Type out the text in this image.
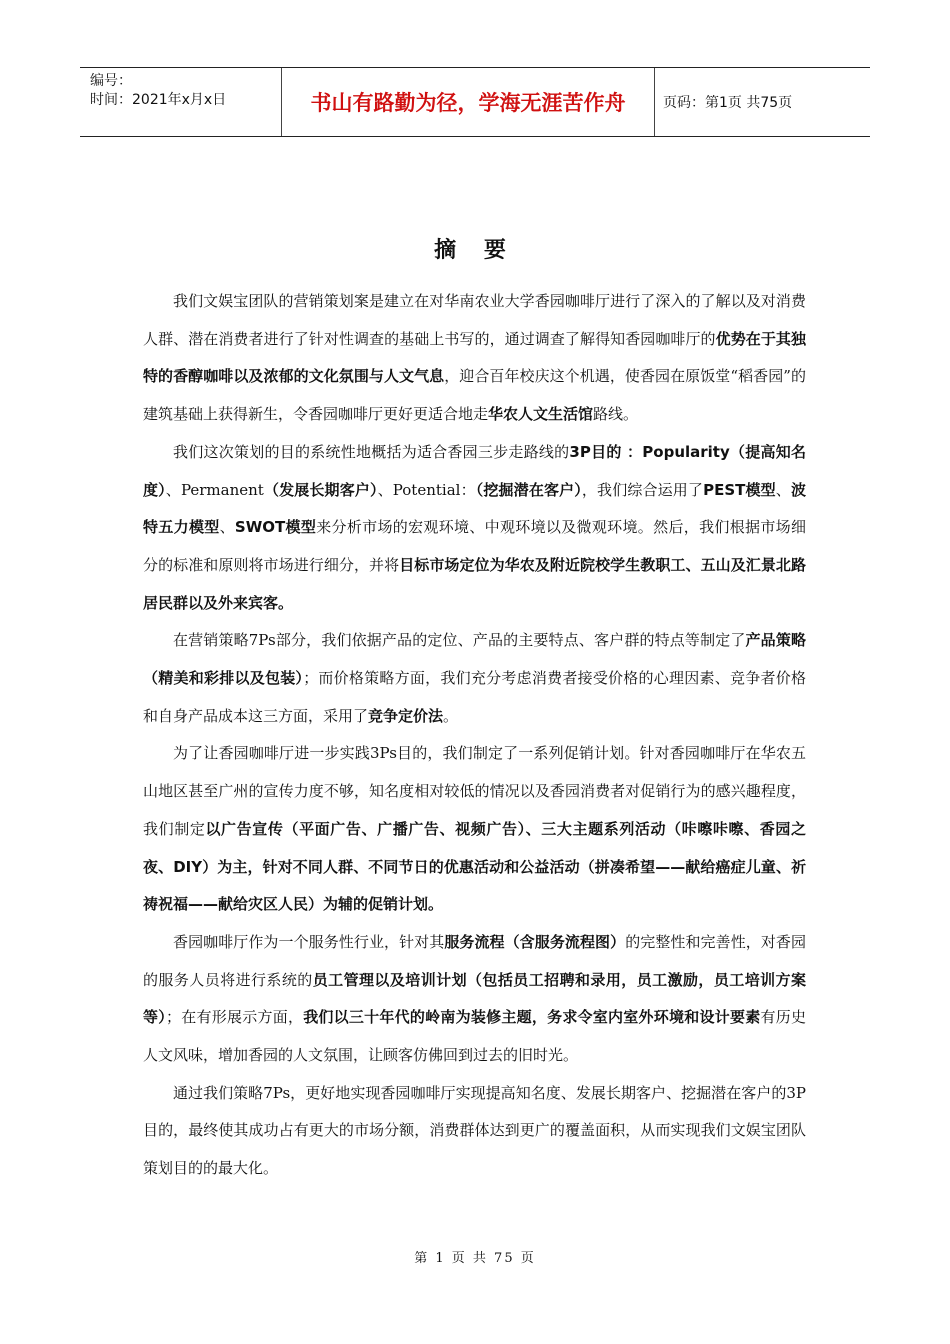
编号：
时间：2021年x月x日	书山有路勤为径，学海无涯苦作舟	页码：第1页 共75页
摘 要

我们文娱宝团队的营销策划案是建立在对华南农业大学香园咖啡厅进行了深入的了解以及对消费人群、潜在消费者进行了针对性调查的基础上书写的，通过调查了解得知香园咖啡厅的优势在于其独特的香醇咖啡以及浓郁的文化氛围与人文气息，迎合百年校庆这个机遇，使香园在原饭堂“稻香园”的建筑基础上获得新生，令香园咖啡厅更好更适合地走华农人文生活馆路线。

我们这次策划的目的系统性地概括为适合香园三步走路线的3P目的 ：Popularity（提高知名度）、Permanent（发展长期客户）、Potential：（挖掘潜在客户），我们综合运用了PEST模型、波特五力模型、SWOT模型来分析市场的宏观环境、中观环境以及微观环境。然后，我们根据市场细分的标准和原则将市场进行细分，并将目标市场定位为华农及附近院校学生教职工、五山及汇景北路居民群以及外来宾客。

在营销策略7Ps部分，我们依据产品的定位、产品的主要特点、客户群的特点等制定了产品策略（精美和彩排以及包装）；而价格策略方面，我们充分考虑消费者接受价格的心理因素、竞争者价格和自身产品成本这三方面，采用了竞争定价法。

为了让香园咖啡厅进一步实践3Ps目的，我们制定了一系列促销计划。针对香园咖啡厅在华农五山地区甚至广州的宣传力度不够，知名度相对较低的情况以及香园消费者对促销行为的感兴趣程度，我们制定以广告宣传（平面广告、广播广告、视频广告）、三大主题系列活动（咔嚓咔嚓、香园之夜、DIY）为主，针对不同人群、不同节日的优惠活动和公益活动（拼凑希望——献给癌症儿童、祈祷祝福——献给灾区人民）为辅的促销计划。

香园咖啡厅作为一个服务性行业，针对其服务流程（含服务流程图）的完整性和完善性，对香园的服务人员将进行系统的员工管理以及培训计划（包括员工招聘和录用，员工激励，员工培训方案等）；在有形展示方面，我们以三十年代的岭南为装修主题，务求令室内室外环境和设计要素有历史人文风味，增加香园的人文氛围，让顾客仿佛回到过去的旧时光。

通过我们策略7Ps，更好地实现香园咖啡厅实现提高知名度、发展长期客户、挖掘潜在客户的3P目的，最终使其成功占有更大的市场分额，消费群体达到更广的覆盖面积，从而实现我们文娱宝团队策划目的的最大化。

第 1 页 共 75 页
